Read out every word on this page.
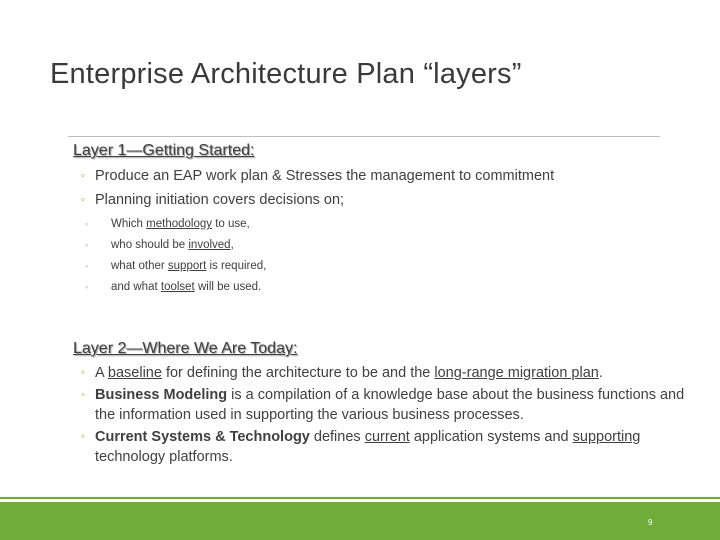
Enterprise Architecture Plan “layers”
Layer 1—Getting Started:
◦ Produce an EAP work plan & Stresses the management to commitment
◦ Planning initiation covers decisions on;
◦ Which methodology to use,
◦ who should be involved,
◦ what other support is required,
◦ and what toolset will be used.
Layer 2—Where We Are Today:
◦ A baseline for defining the architecture to be and the long-range migration plan.
◦ Business Modeling is a compilation of a knowledge base about the business functions and the information used in supporting the various business processes.
◦ Current Systems & Technology defines current application systems and supporting technology platforms.
9
